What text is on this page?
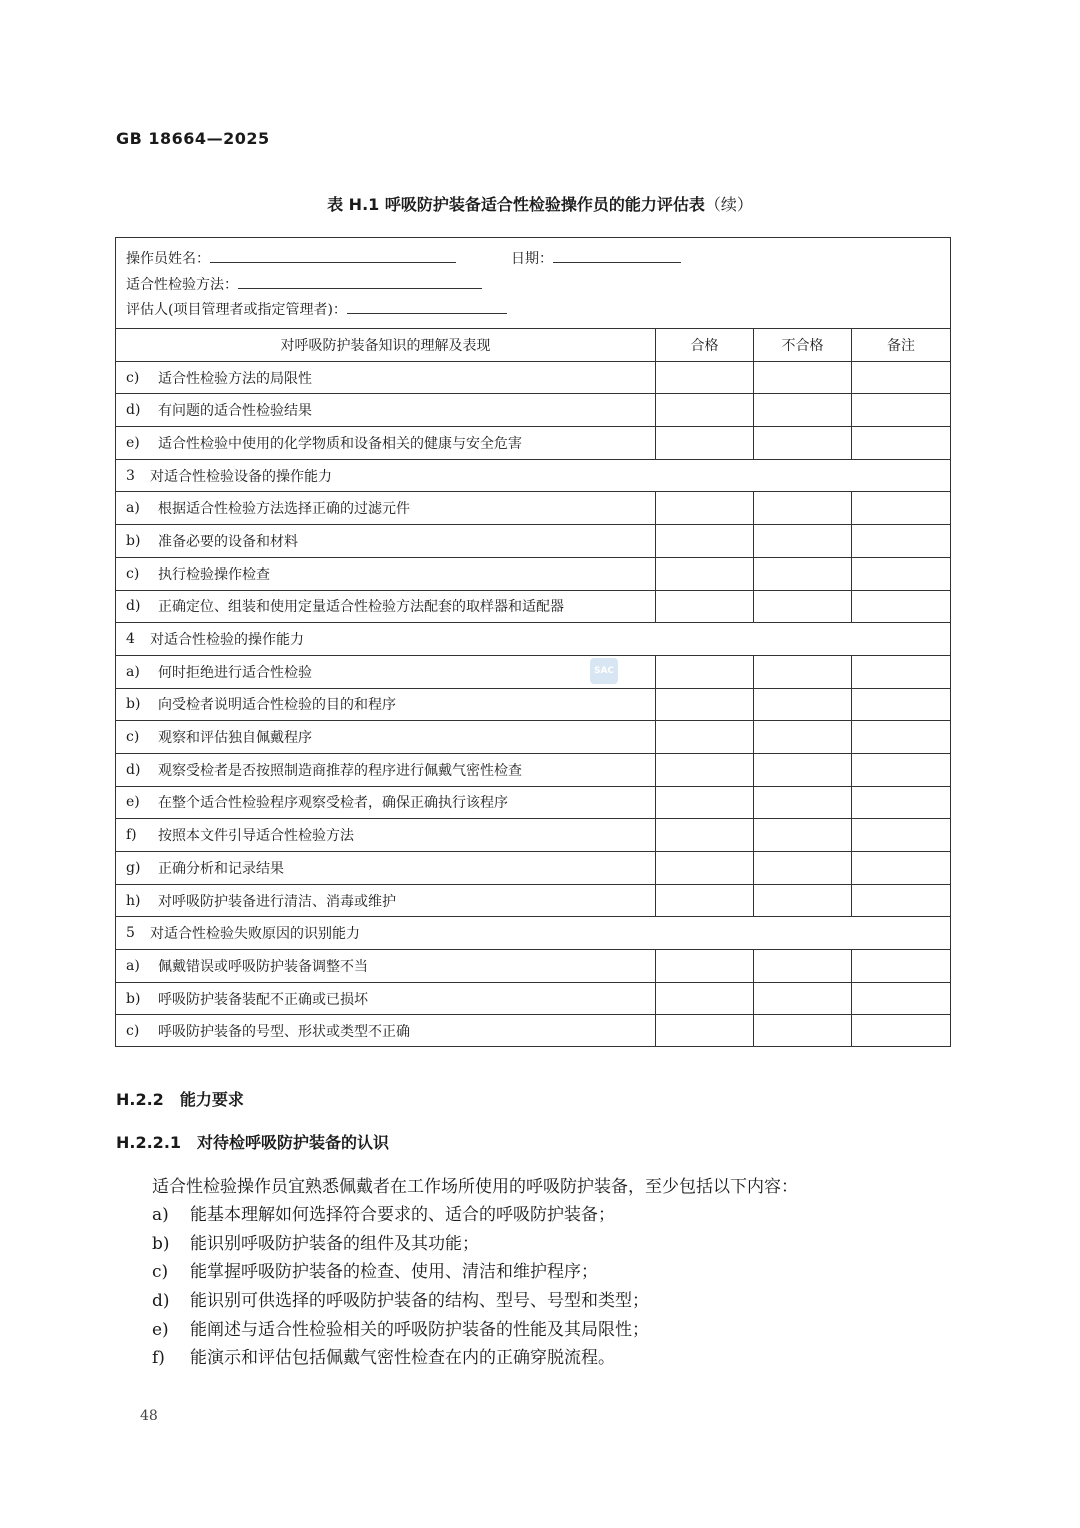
GB 18664—2025
表 H.1 呼吸防护装备适合性检验操作员的能力评估表（续）
操作员姓名：	日期：
适合性检验方法：
评估人(项目管理者或指定管理者)：
对呼吸防护装备知识的理解及表现	合格	不合格	备注
c)	适合性检验方法的局限性
d)	有问题的适合性检验结果
e)	适合性检验中使用的化学物质和设备相关的健康与安全危害
3	对适合性检验设备的操作能力
a)	根据适合性检验方法选择正确的过滤元件
b)	准备必要的设备和材料
c)	执行检验操作检查
d)	正确定位、组装和使用定量适合性检验方法配套的取样器和适配器
4	对适合性检验的操作能力
a)	何时拒绝进行适合性检验
b)	向受检者说明适合性检验的目的和程序
c)	观察和评估独自佩戴程序
d)	观察受检者是否按照制造商推荐的程序进行佩戴气密性检查
e)	在整个适合性检验程序观察受检者，确保正确执行该程序
f)	按照本文件引导适合性检验方法
g)	正确分析和记录结果
h)	对呼吸防护装备进行清洁、消毒或维护
5	对适合性检验失败原因的识别能力
a)	佩戴错误或呼吸防护装备调整不当
b)	呼吸防护装备装配不正确或已损坏
c)	呼吸防护装备的号型、形状或类型不正确
SAC
H.2.2 能力要求
H.2.2.1 对待检呼吸防护装备的认识
适合性检验操作员宜熟悉佩戴者在工作场所使用的呼吸防护装备，至少包括以下内容：
a) 能基本理解如何选择符合要求的、适合的呼吸防护装备；
b) 能识别呼吸防护装备的组件及其功能；
c) 能掌握呼吸防护装备的检查、使用、清洁和维护程序；
d) 能识别可供选择的呼吸防护装备的结构、型号、号型和类型；
e) 能阐述与适合性检验相关的呼吸防护装备的性能及其局限性；
f) 能演示和评估包括佩戴气密性检查在内的正确穿脱流程。
48
